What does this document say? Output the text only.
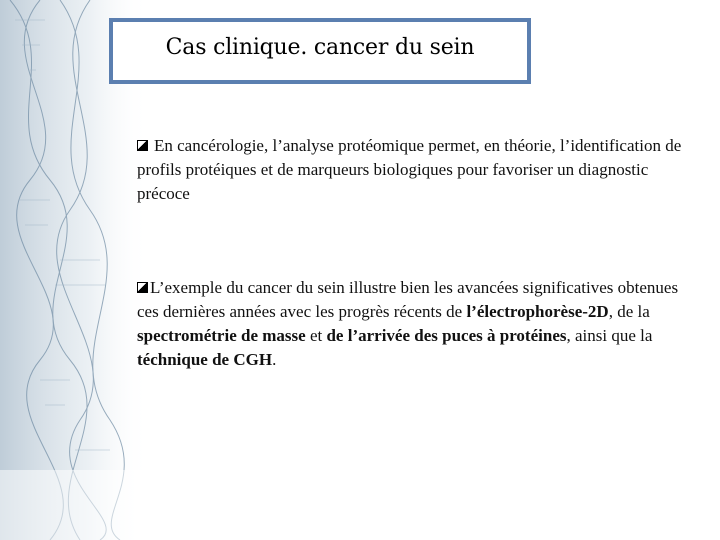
Cas clinique. cancer du sein
En cancérologie, l’analyse protéomique permet, en théorie, l’identification de profils protéiques et de marqueurs biologiques pour favoriser un diagnostic précoce
L’exemple du cancer du sein illustre bien les avancées significatives obtenues ces dernières années avec les progrès récents de l’électrophorèse-2D, de la spectrométrie de masse et de l’arrivée des puces à protéines, ainsi que la téchnique de CGH.
